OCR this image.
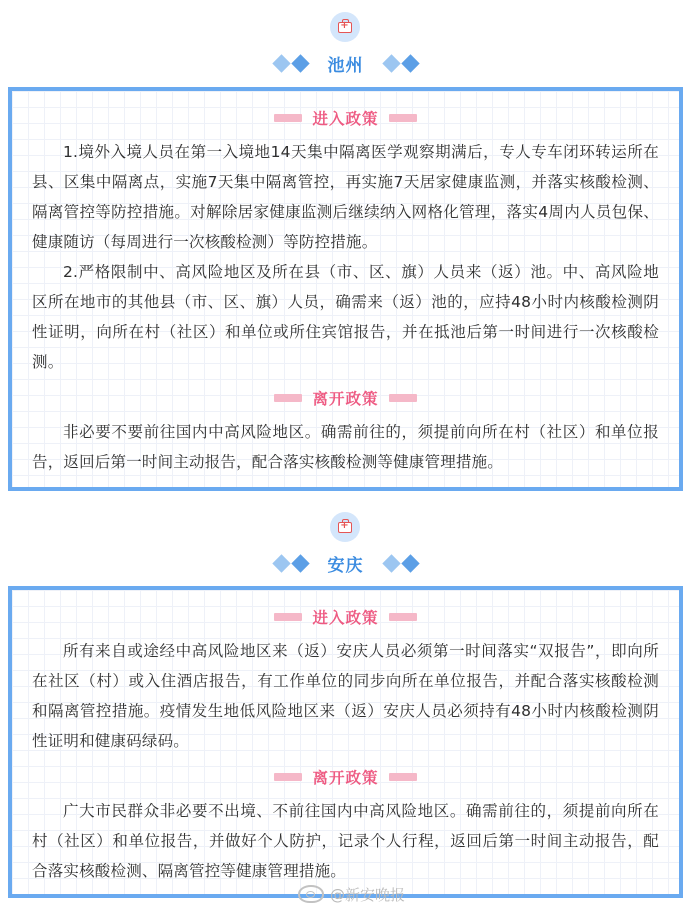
+
池州
进入政策

1.境外入境人员在第一入境地14天集中隔离医学观察期满后，专人专车闭环转运所在县、区集中隔离点，实施7天集中隔离管控，再实施7天居家健康监测，并落实核酸检测、隔离管控等防控措施。对解除居家健康监测后继续纳入网格化管理，落实4周内人员包保、健康随访（每周进行一次核酸检测）等防控措施。

2.严格限制中、高风险地区及所在县（市、区、旗）人员来（返）池。中、高风险地区所在地市的其他县（市、区、旗）人员，确需来（返）池的，应持48小时内核酸检测阴性证明，向所在村（社区）和单位或所住宾馆报告，并在抵池后第一时间进行一次核酸检测。

离开政策

非必要不要前往国内中高风险地区。确需前往的，须提前向所在村（社区）和单位报告，返回后第一时间主动报告，配合落实核酸检测等健康管理措施。

+
安庆
进入政策

所有来自或途经中高风险地区来（返）安庆人员必须第一时间落实“双报告”，即向所在社区（村）或入住酒店报告，有工作单位的同步向所在单位报告，并配合落实核酸检测和隔离管控措施。疫情发生地低风险地区来（返）安庆人员必须持有48小时内核酸检测阴性证明和健康码绿码。

离开政策

广大市民群众非必要不出境、不前往国内中高风险地区。确需前往的，须提前向所在村（社区）和单位报告，并做好个人防护，记录个人行程，返回后第一时间主动报告，配合落实核酸检测、隔离管控等健康管理措施。

@新安晚报
